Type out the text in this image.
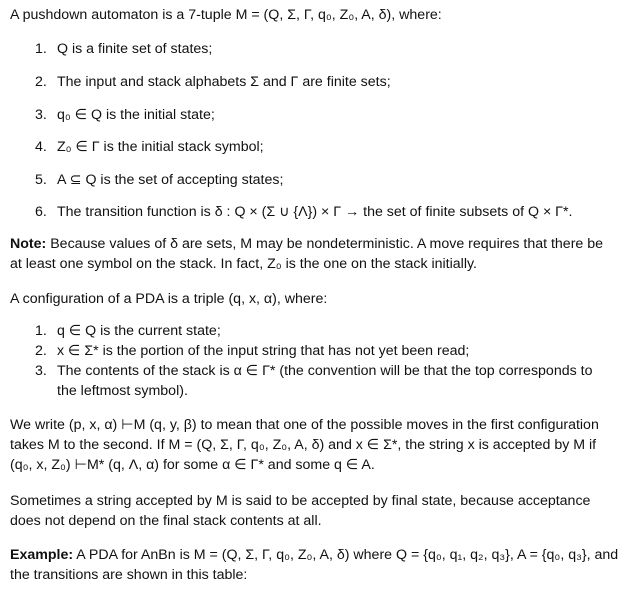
A pushdown automaton is a 7-tuple M = (Q, Σ, Γ, q₀, Z₀, A, δ), where:
1. Q is a finite set of states;
2. The input and stack alphabets Σ and Γ are finite sets;
3. q₀ ∈ Q is the initial state;
4. Z₀ ∈ Γ is the initial stack symbol;
5. A ⊆ Q is the set of accepting states;
6. The transition function is δ : Q × (Σ ∪ {Λ}) × Γ → the set of finite subsets of Q × Γ*.
Note: Because values of δ are sets, M may be nondeterministic. A move requires that there be
at least one symbol on the stack. In fact, Z₀ is the one on the stack initially.
A configuration of a PDA is a triple (q, x, α), where:
1. q ∈ Q is the current state;
2. x ∈ Σ* is the portion of the input string that has not yet been read;
3. The contents of the stack is α ∈ Γ* (the convention will be that the top corresponds to
the leftmost symbol).
We write (p, x, α) ⊢M (q, y, β) to mean that one of the possible moves in the first configuration
takes M to the second. If M = (Q, Σ, Γ, q₀, Z₀, A, δ) and x ∈ Σ*, the string x is accepted by M if
(q₀, x, Z₀) ⊢M* (q, Λ, α) for some α ∈ Γ* and some q ∈ A.
Sometimes a string accepted by M is said to be accepted by final state, because acceptance
does not depend on the final stack contents at all.
Example: A PDA for AnBn is M = (Q, Σ, Γ, q₀, Z₀, A, δ) where Q = {q₀, q₁, q₂, q₃}, A = {q₀, q₃}, and
the transitions are shown in this table:
